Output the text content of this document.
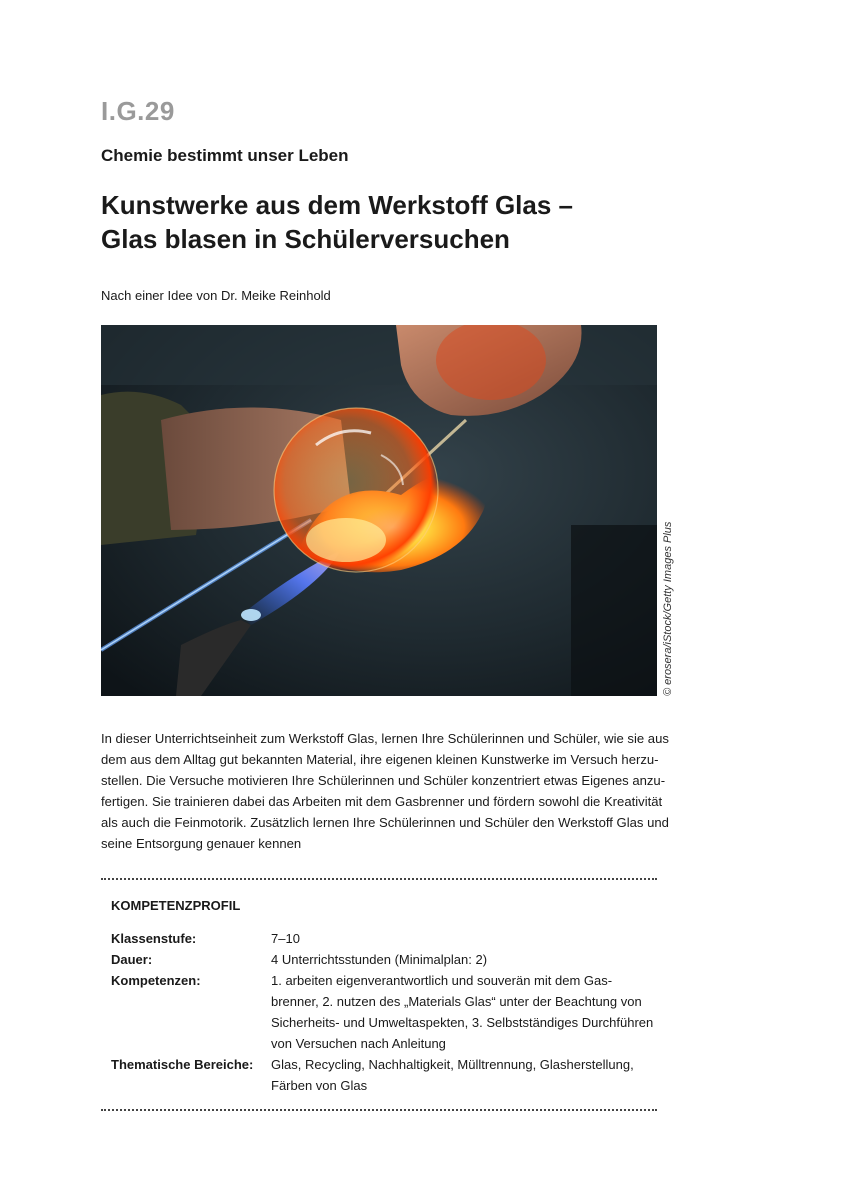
I.G.29
Chemie bestimmt unser Leben
Kunstwerke aus dem Werkstoff Glas –
Glas blasen in Schülerversuchen
Nach einer Idee von Dr. Meike Reinhold
© erosera/iStock/Getty Images Plus
In dieser Unterrichtseinheit zum Werkstoff Glas, lernen Ihre Schülerinnen und Schüler, wie sie aus
dem aus dem Alltag gut bekannten Material, ihre eigenen kleinen Kunstwerke im Versuch herzu-
stellen. Die Versuche motivieren Ihre Schülerinnen und Schüler konzentriert etwas Eigenes anzu-
fertigen. Sie trainieren dabei das Arbeiten mit dem Gasbrenner und fördern sowohl die Kreativität
als auch die Feinmotorik. Zusätzlich lernen Ihre Schülerinnen und Schüler den Werkstoff Glas und
seine Entsorgung genauer kennen
KOMPETENZPROFIL
Klassenstufe:	7–10
Dauer:	4 Unterrichtsstunden (Minimalplan: 2)
Kompetenzen:	1. arbeiten eigenverantwortlich und souverän mit dem Gas-
brenner, 2. nutzen des „Materials Glas“ unter der Beachtung von
Sicherheits- und Umweltaspekten, 3. Selbstständiges Durchführen
von Versuchen nach Anleitung
Thematische Bereiche:	Glas, Recycling, Nachhaltigkeit, Mülltrennung, Glasherstellung,
Färben von Glas
